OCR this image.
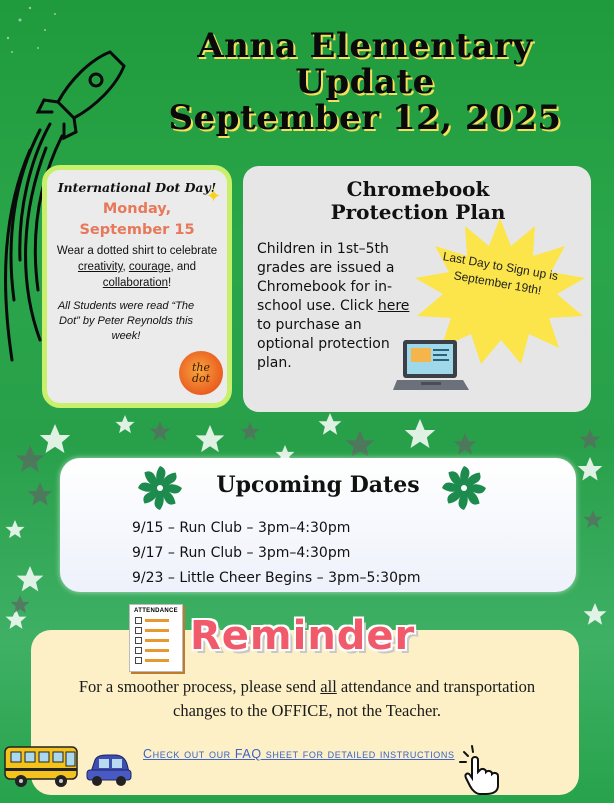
Anna Elementary
Update
September 12, 2025
International Dot Day!
Monday,
September 15
Wear a dotted shirt to celebrate creativity, courage, and collaboration!
All Students were read “The Dot” by Peter Reynolds this week!
the
dot
✦	Chromebook
Protection Plan
Children in 1st–5th grades are issued a Chromebook for in-school use. Click here to purchase an optional protection plan.
Last Day to Sign up is September 19th!
Upcoming Dates
9/15 – Run Club – 3pm–4:30pm
9/17 – Run Club – 3pm–4:30pm
9/23 – Little Cheer Begins – 3pm–5:30pm
ATTENDANCE
Reminder
For a smoother process, please send all attendance and transportation changes to the OFFICE, not the Teacher.
Check out our FAQ sheet for detailed instructions
